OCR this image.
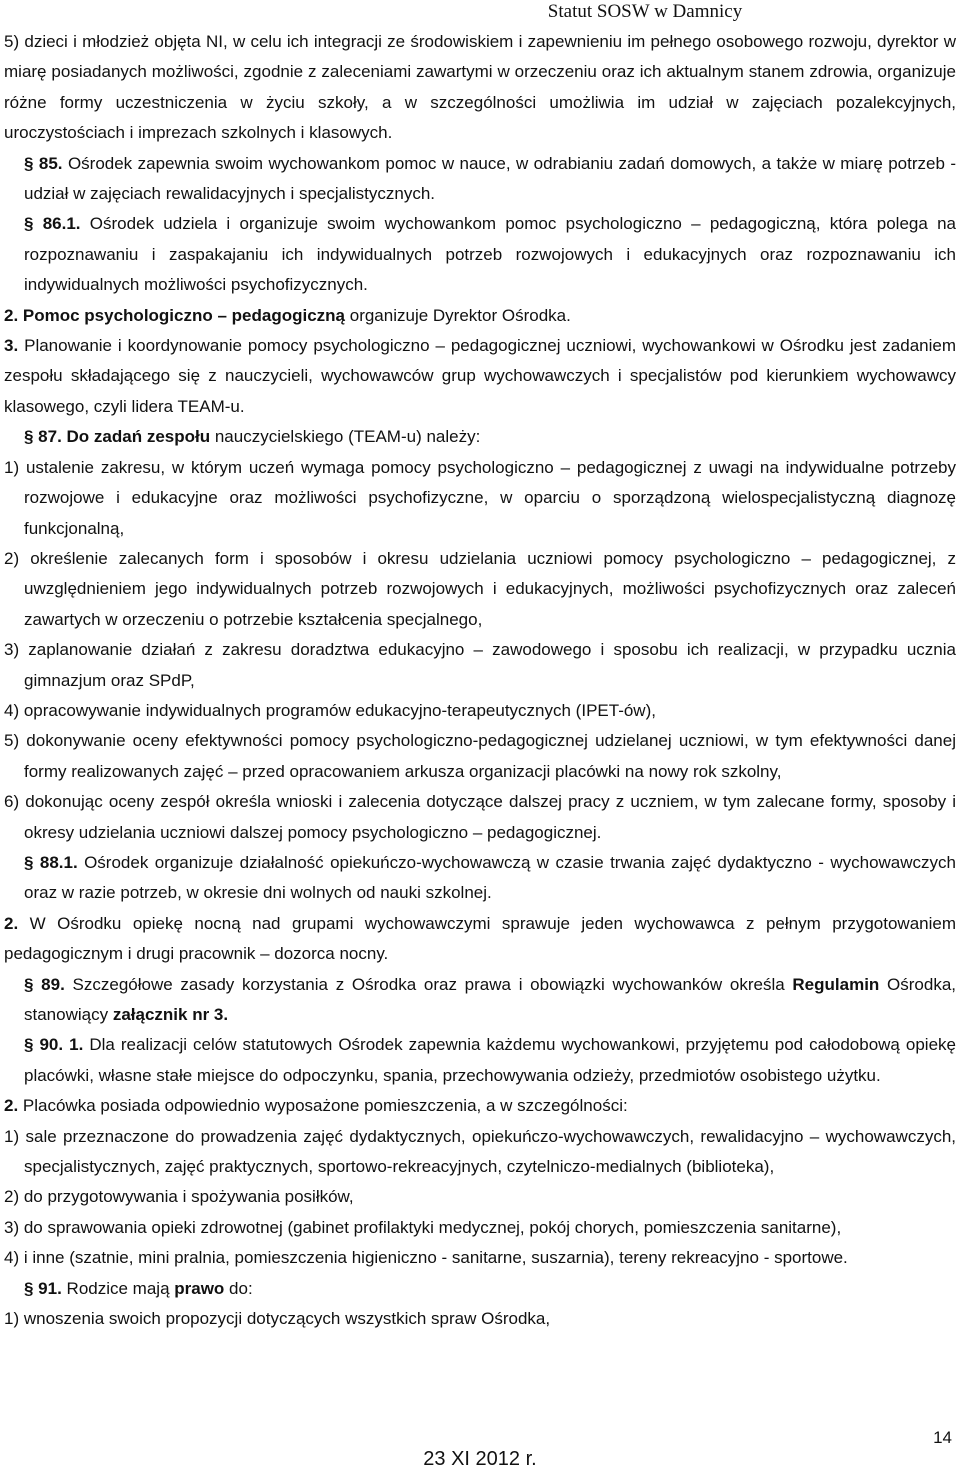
Statut SOSW w Damnicy

5) dzieci i młodzież objęta NI, w celu ich integracji ze środowiskiem i zapewnieniu im pełnego osobowego rozwoju, dyrektor w miarę posiadanych możliwości, zgodnie z zaleceniami zawartymi w orzeczeniu oraz ich aktualnym stanem zdrowia, organizuje różne formy uczestniczenia w życiu szkoły, a w szczególności umożliwia im udział w zajęciach pozalekcyjnych, uroczystościach i imprezach szkolnych i klasowych.

§ 85. Ośrodek zapewnia swoim wychowankom pomoc w nauce, w odrabianiu zadań domowych, a także w miarę potrzeb - udział w zajęciach rewalidacyjnych i specjalistycznych.

§ 86.1. Ośrodek udziela i organizuje swoim wychowankom pomoc psychologiczno – pedagogiczną, która polega na rozpoznawaniu i zaspakajaniu ich indywidualnych potrzeb rozwojowych i edukacyjnych oraz rozpoznawaniu ich indywidualnych możliwości psychofizycznych.

2. Pomoc psychologiczno – pedagogiczną organizuje Dyrektor Ośrodka.

3. Planowanie i koordynowanie pomocy psychologiczno – pedagogicznej uczniowi, wychowankowi w Ośrodku jest zadaniem zespołu składającego się z nauczycieli, wychowawców grup wychowawczych i specjalistów pod kierunkiem wychowawcy klasowego, czyli lidera TEAM-u.

§ 87. Do zadań zespołu nauczycielskiego (TEAM-u) należy:

1) ustalenie zakresu, w którym uczeń wymaga pomocy psychologiczno – pedagogicznej z uwagi na indywidualne potrzeby rozwojowe i edukacyjne oraz możliwości psychofizyczne, w oparciu o sporządzoną wielospecjalistyczną diagnozę funkcjonalną,

2) określenie zalecanych form i sposobów i okresu udzielania uczniowi pomocy psychologiczno – pedagogicznej, z uwzględnieniem jego indywidualnych potrzeb rozwojowych i edukacyjnych, możliwości psychofizycznych oraz zaleceń zawartych w orzeczeniu o potrzebie kształcenia specjalnego,

3) zaplanowanie działań z zakresu doradztwa edukacyjno – zawodowego i sposobu ich realizacji, w przypadku ucznia gimnazjum oraz SPdP,

4) opracowywanie indywidualnych programów edukacyjno-terapeutycznych (IPET-ów),

5) dokonywanie oceny efektywności pomocy psychologiczno-pedagogicznej udzielanej uczniowi, w tym efektywności danej formy realizowanych zajęć – przed opracowaniem arkusza organizacji placówki na nowy rok szkolny,

6) dokonując oceny zespół określa wnioski i zalecenia dotyczące dalszej pracy z uczniem, w tym zalecane formy, sposoby i okresy udzielania uczniowi dalszej pomocy psychologiczno – pedagogicznej.

§ 88.1. Ośrodek organizuje działalność opiekuńczo-wychowawczą w czasie trwania zajęć dydaktyczno - wychowawczych oraz w razie potrzeb, w okresie dni wolnych od nauki szkolnej.

2. W Ośrodku opiekę nocną nad grupami wychowawczymi sprawuje jeden wychowawca z pełnym przygotowaniem pedagogicznym i drugi pracownik – dozorca nocny.

§ 89. Szczegółowe zasady korzystania z Ośrodka oraz prawa i obowiązki wychowanków określa Regulamin Ośrodka, stanowiący załącznik nr 3.

§ 90. 1. Dla realizacji celów statutowych Ośrodek zapewnia każdemu wychowankowi, przyjętemu pod całodobową opiekę placówki, własne stałe miejsce do odpoczynku, spania, przechowywania odzieży, przedmiotów osobistego użytku.

2. Placówka posiada odpowiednio wyposażone pomieszczenia, a w szczególności:

1) sale przeznaczone do prowadzenia zajęć dydaktycznych, opiekuńczo-wychowawczych, rewalidacyjno – wychowawczych, specjalistycznych, zajęć praktycznych, sportowo-rekreacyjnych, czytelniczo-medialnych (biblioteka),

2) do przygotowywania i spożywania posiłków,

3) do sprawowania opieki zdrowotnej (gabinet profilaktyki medycznej, pokój chorych, pomieszczenia sanitarne),

4) i inne (szatnie, mini pralnia, pomieszczenia higieniczno - sanitarne, suszarnia), tereny rekreacyjno - sportowe.

§ 91. Rodzice mają prawo do:

1) wnoszenia swoich propozycji dotyczących wszystkich spraw Ośrodka,

14
23 XI 2012 r.
